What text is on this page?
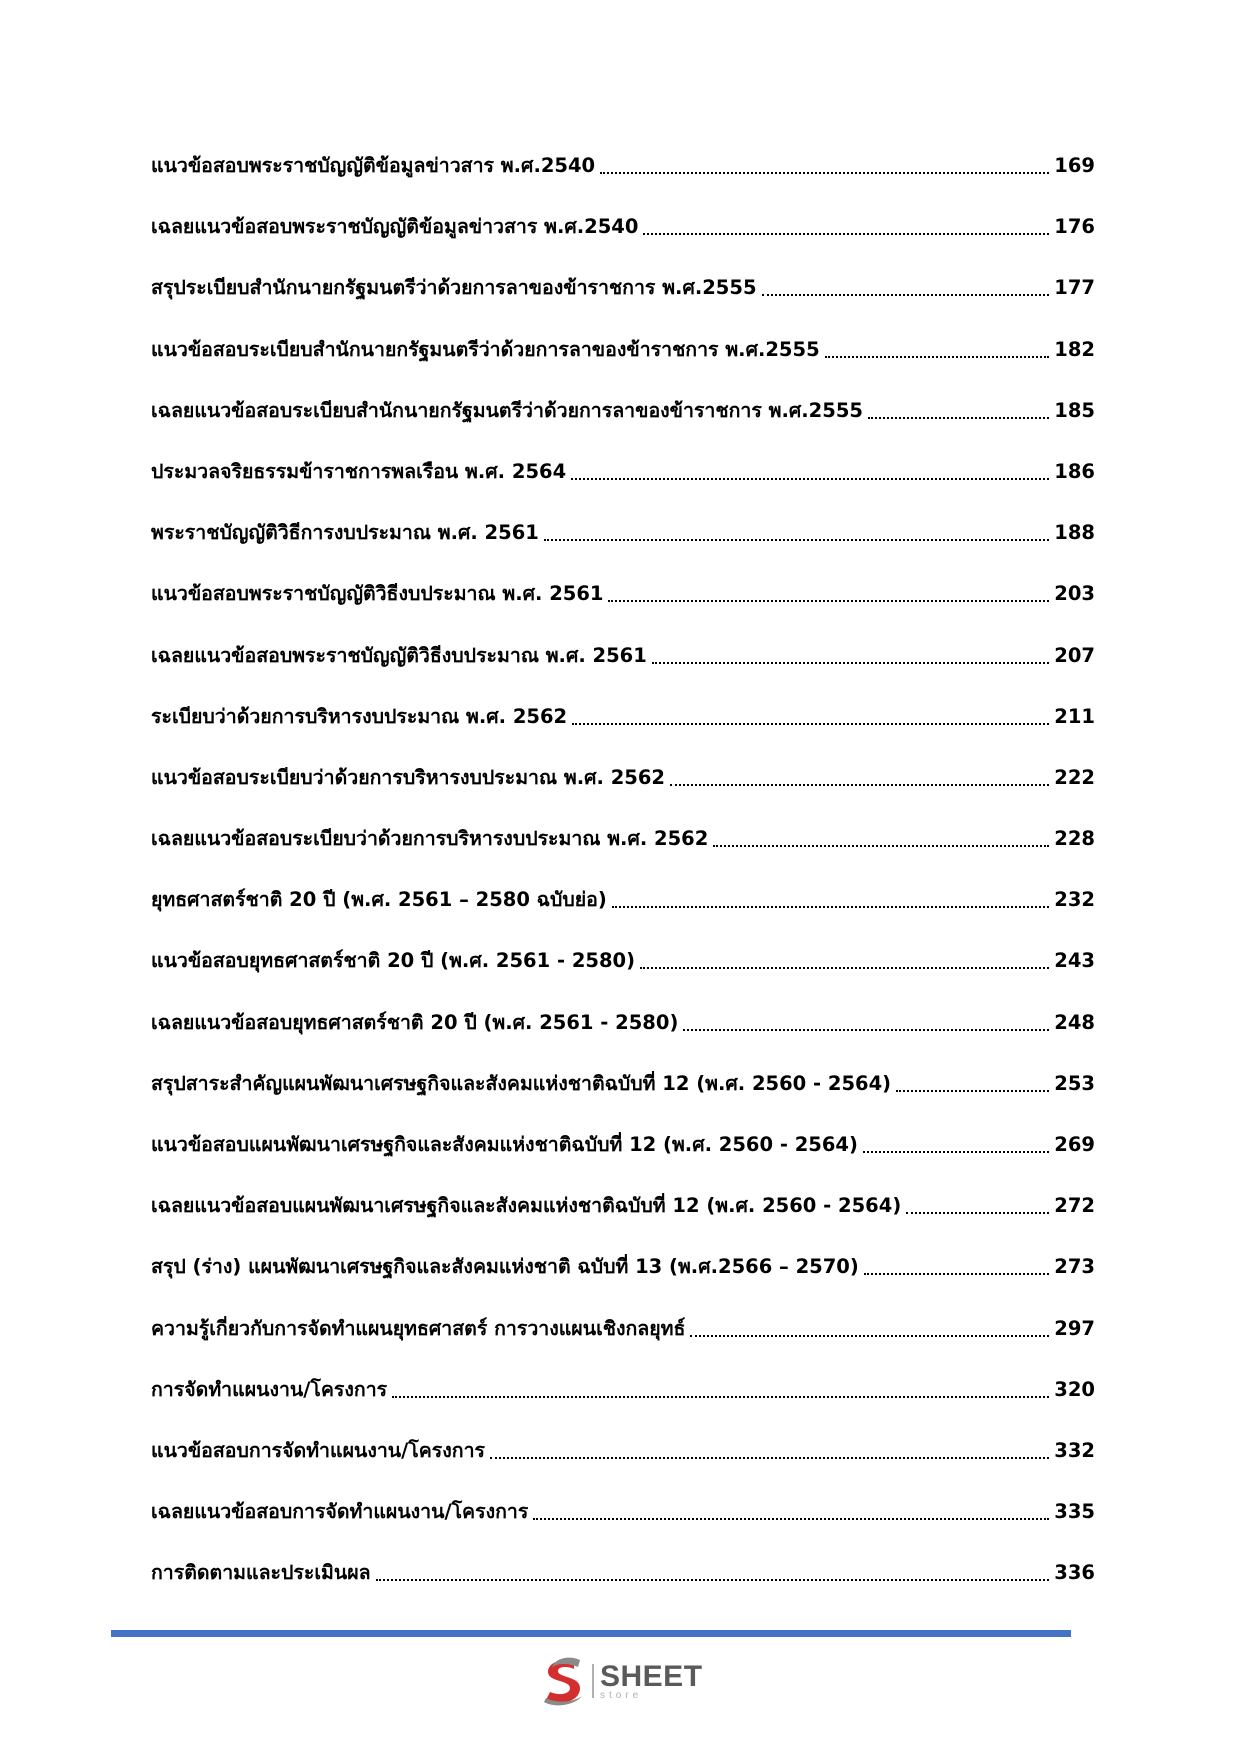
แนวข้อสอบพระราชบัญญัติข้อมูลข่าวสาร พ.ศ.2540	169
เฉลยแนวข้อสอบพระราชบัญญัติข้อมูลข่าวสาร พ.ศ.2540	176
สรุประเบียบสำนักนายกรัฐมนตรีว่าด้วยการลาของข้าราชการ พ.ศ.2555	177
แนวข้อสอบระเบียบสำนักนายกรัฐมนตรีว่าด้วยการลาของข้าราชการ พ.ศ.2555	182
เฉลยแนวข้อสอบระเบียบสำนักนายกรัฐมนตรีว่าด้วยการลาของข้าราชการ พ.ศ.2555	185
ประมวลจริยธรรมข้าราชการพลเรือน พ.ศ. 2564	186
พระราชบัญญัติวิธีการงบประมาณ พ.ศ. 2561	188
แนวข้อสอบพระราชบัญญัติวิธีงบประมาณ พ.ศ. 2561	203
เฉลยแนวข้อสอบพระราชบัญญัติวิธีงบประมาณ พ.ศ. 2561	207
ระเบียบว่าด้วยการบริหารงบประมาณ พ.ศ. 2562	211
แนวข้อสอบระเบียบว่าด้วยการบริหารงบประมาณ พ.ศ. 2562	222
เฉลยแนวข้อสอบระเบียบว่าด้วยการบริหารงบประมาณ พ.ศ. 2562	228
ยุทธศาสตร์ชาติ 20 ปี (พ.ศ. 2561 – 2580 ฉบับย่อ)	232
แนวข้อสอบยุทธศาสตร์ชาติ 20 ปี (พ.ศ. 2561 - 2580)	243
เฉลยแนวข้อสอบยุทธศาสตร์ชาติ 20 ปี (พ.ศ. 2561 - 2580)	248
สรุปสาระสำคัญแผนพัฒนาเศรษฐกิจและสังคมแห่งชาติฉบับที่ 12 (พ.ศ. 2560 - 2564)	253
แนวข้อสอบแผนพัฒนาเศรษฐกิจและสังคมแห่งชาติฉบับที่ 12 (พ.ศ. 2560 - 2564)	269
เฉลยแนวข้อสอบแผนพัฒนาเศรษฐกิจและสังคมแห่งชาติฉบับที่ 12 (พ.ศ. 2560 - 2564)	272
สรุป (ร่าง) แผนพัฒนาเศรษฐกิจและสังคมแห่งชาติ ฉบับที่ 13 (พ.ศ.2566 – 2570)	273
ความรู้เกี่ยวกับการจัดทำแผนยุทธศาสตร์ การวางแผนเชิงกลยุทธ์	297
การจัดทำแผนงาน/โครงการ	320
แนวข้อสอบการจัดทำแผนงาน/โครงการ	332
เฉลยแนวข้อสอบการจัดทำแผนงาน/โครงการ	335
การติดตามและประเมินผล	336
SHEET
store
